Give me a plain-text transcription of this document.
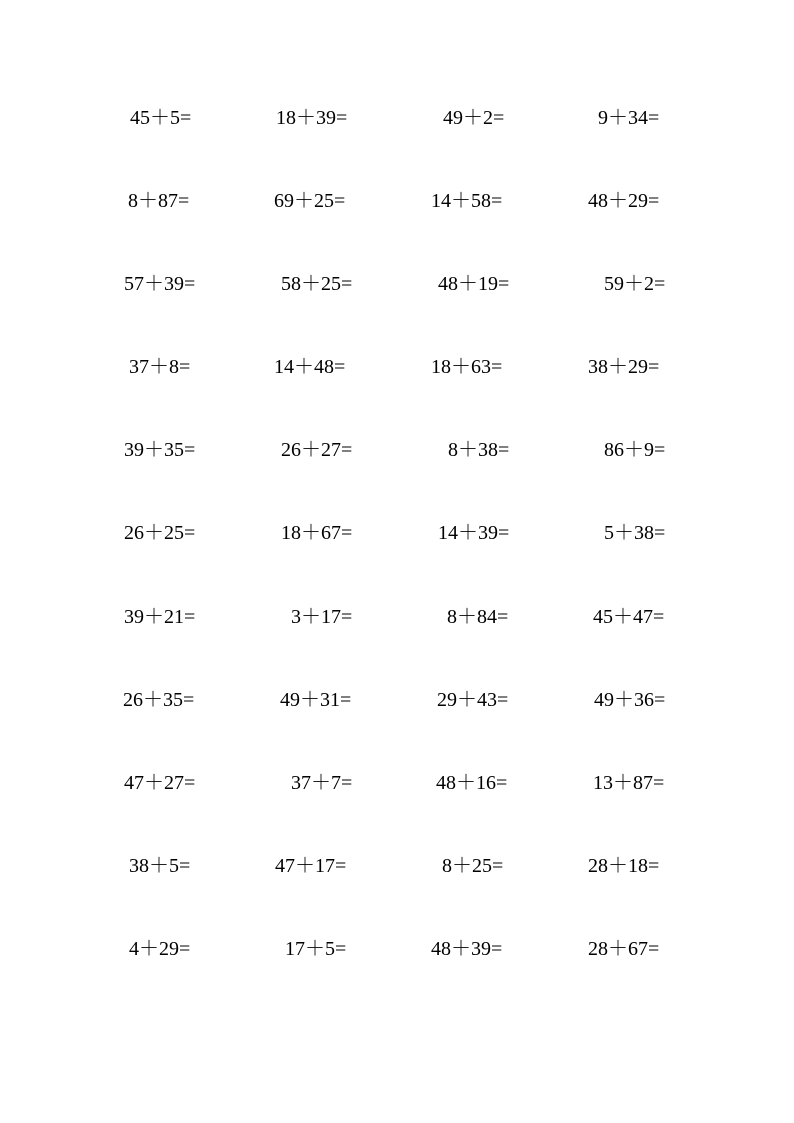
45＋5=	18＋39=	49＋2=	9＋34=
8＋87=	69＋25=	14＋58=	48＋29=
57＋39=	58＋25=	48＋19=	59＋2=
37＋8=	14＋48=	18＋63=	38＋29=
39＋35=	26＋27=	8＋38=	86＋9=
26＋25=	18＋67=	14＋39=	5＋38=
39＋21=	3＋17=	8＋84=	45＋47=
26＋35=	49＋31=	29＋43=	49＋36=
47＋27=	37＋7=	48＋16=	13＋87=
38＋5=	47＋17=	8＋25=	28＋18=
4＋29=	17＋5=	48＋39=	28＋67=
